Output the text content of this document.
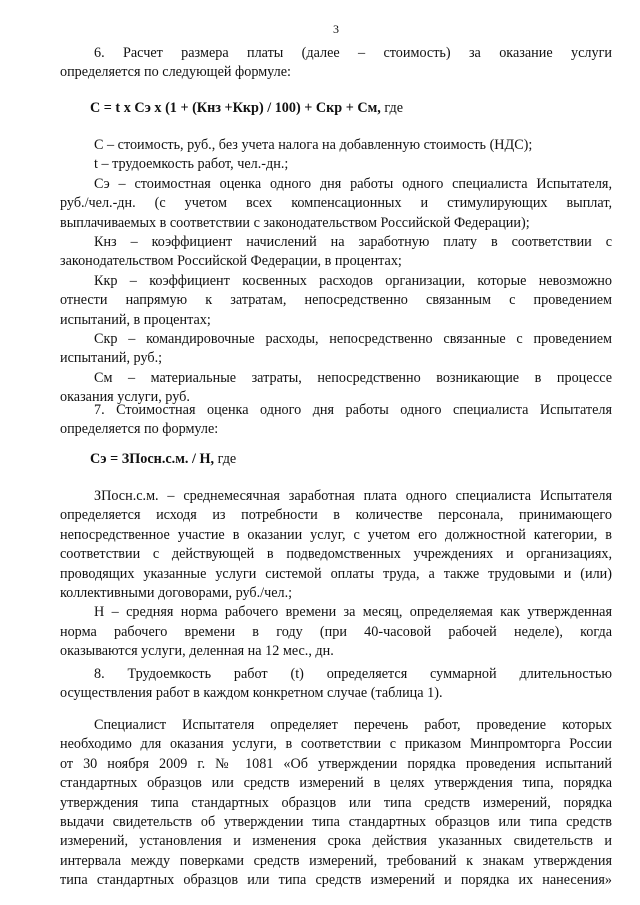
3
6. Расчет размера платы (далее – стоимость) за оказание услуги
определяется по следующей формуле:
С = t х Сэ х (1 + (Кнз +Ккр) / 100) + Скр + См, где
С – стоимость, руб., без учета налога на добавленную стоимость (НДС);
t – трудоемкость работ, чел.-дн.;
Сэ – стоимостная оценка одного дня работы одного специалиста Испытателя,
руб./чел.-дн. (с учетом всех компенсационных и стимулирующих выплат,
выплачиваемых в соответствии с законодательством Российской Федерации);
Кнз – коэффициент начислений на заработную плату в соответствии с
законодательством Российской Федерации, в процентах;
Ккр – коэффициент косвенных расходов организации, которые невозможно
отнести напрямую к затратам, непосредственно связанным с проведением
испытаний, в процентах;
Скр – командировочные расходы, непосредственно связанные с проведением
испытаний, руб.;
См – материальные затраты, непосредственно возникающие в процессе
оказания услуги, руб.
7. Стоимостная оценка одного дня работы одного специалиста Испытателя
определяется по формуле:
Сэ = ЗПосн.с.м. / Н, где
ЗПосн.с.м. – среднемесячная заработная плата одного специалиста Испытателя
определяется исходя из потребности в количестве персонала, принимающего
непосредственное участие в оказании услуг, с учетом его должностной категории, в
соответствии с действующей в подведомственных учреждениях и организациях,
проводящих указанные услуги системой оплаты труда, а также трудовыми и (или)
коллективными договорами, руб./чел.;
Н – средняя норма рабочего времени за месяц, определяемая как утвержденная
норма рабочего времени в году (при 40-часовой рабочей неделе), когда
оказываются услуги, деленная на 12 мес., дн.
8. Трудоемкость работ (t) определяется суммарной длительностью
осуществления работ в каждом конкретном случае (таблица 1).
Специалист Испытателя определяет перечень работ, проведение которых
необходимо для оказания услуги, в соответствии с приказом Минпромторга России
от 30 ноября 2009 г. № 1081 «Об утверждении порядка проведения испытаний
стандартных образцов или средств измерений в целях утверждения типа, порядка
утверждения типа стандартных образцов или типа средств измерений, порядка
выдачи свидетельств об утверждении типа стандартных образцов или типа средств
измерений, установления и изменения срока действия указанных свидетельств и
интервала между поверками средств измерений, требований к знакам утверждения
типа стандартных образцов или типа средств измерений и порядка их нанесения»
